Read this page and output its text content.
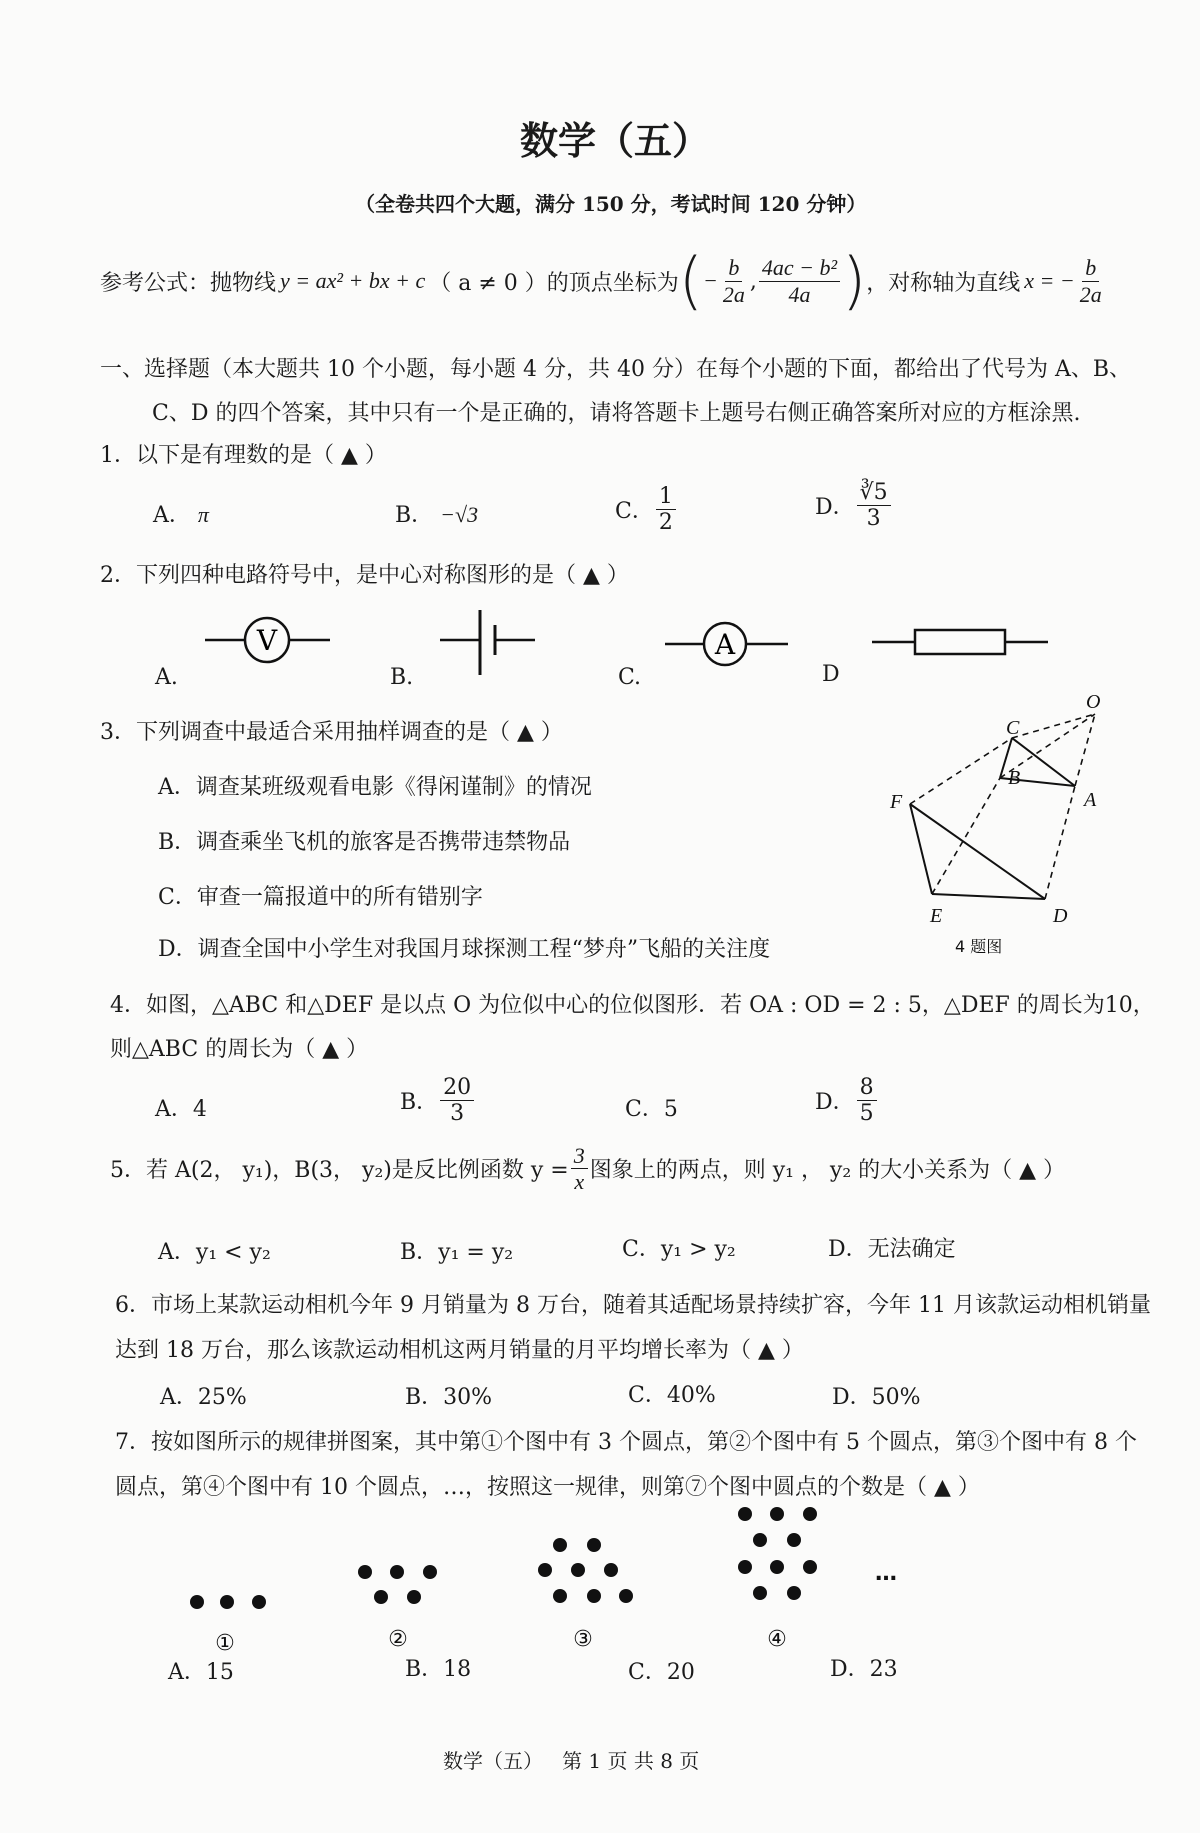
数学（五）
（全卷共四个大题，满分 150 分，考试时间 120 分钟）
参考公式：抛物线 y = ax² + bx + c （ a ≠ 0 ） 的顶点坐标为 ( − $\frac{b}{2a}$ , $\frac{\text{4ac − b²}}{4a}$ ) ，对称轴为直线 x = − $\frac{b}{2a}$
一、选择题（本大题共 10 个小题，每小题 4 分，共 40 分）在每个小题的下面，都给出了代号为 A、B、
C、D 的四个答案，其中只有一个是正确的，请将答题卡上题号右侧正确答案所对应的方框涂黑.
1．以下是有理数的是（ ▲ ）
A． π	B． −√3	C． $\frac{1}{2}$	D． $\frac{∛5}{3}$
2．下列四种电路符号中，是中心对称图形的是（ ▲ ）
V
A.	B.
A
C.	D
3．下列调查中最适合采用抽样调查的是（ ▲ ）
A．调查某班级观看电影《得闲谨制》的情况
B．调查乘坐飞机的旅客是否携带违禁物品
C．审查一篇报道中的所有错别字
D．调查全国中小学生对我国月球探测工程“梦舟”飞船的关注度
O
C
B
A
F
E	D
4 题图
4．如图，△ABC 和△DEF 是以点 O 为位似中心的位似图形．若 OA : OD = 2 : 5，△DEF 的周长为10，
则△ABC 的周长为（ ▲ ）
A．4	B． $\frac{20}{3}$	C．5	D． $\frac{8}{5}$
5．若 A(2， y₁)，B(3， y₂)是反比例函数 $y = \frac{3}{x}$ 图象上的两点，则 y₁ ， y₂ 的大小关系为（ ▲ ）
A．y₁ < y₂	B．y₁ = y₂	C．y₁ > y₂	D．无法确定
6．市场上某款运动相机今年 9 月销量为 8 万台，随着其适配场景持续扩容，今年 11 月该款运动相机销量
达到 18 万台，那么该款运动相机这两月销量的月平均增长率为（ ▲ ）
A．25%	B．30%	C．40%	D．50%
7．按如图所示的规律拼图案，其中第①个图中有 3 个圆点，第②个图中有 5 个圆点，第③个图中有 8 个
圆点，第④个图中有 10 个圆点，…，按照这一规律，则第⑦个图中圆点的个数是（ ▲ ）
①	②	③	④
…
A．15	B．18	C．20	D．23
数学（五）   第 1 页 共 8 页
